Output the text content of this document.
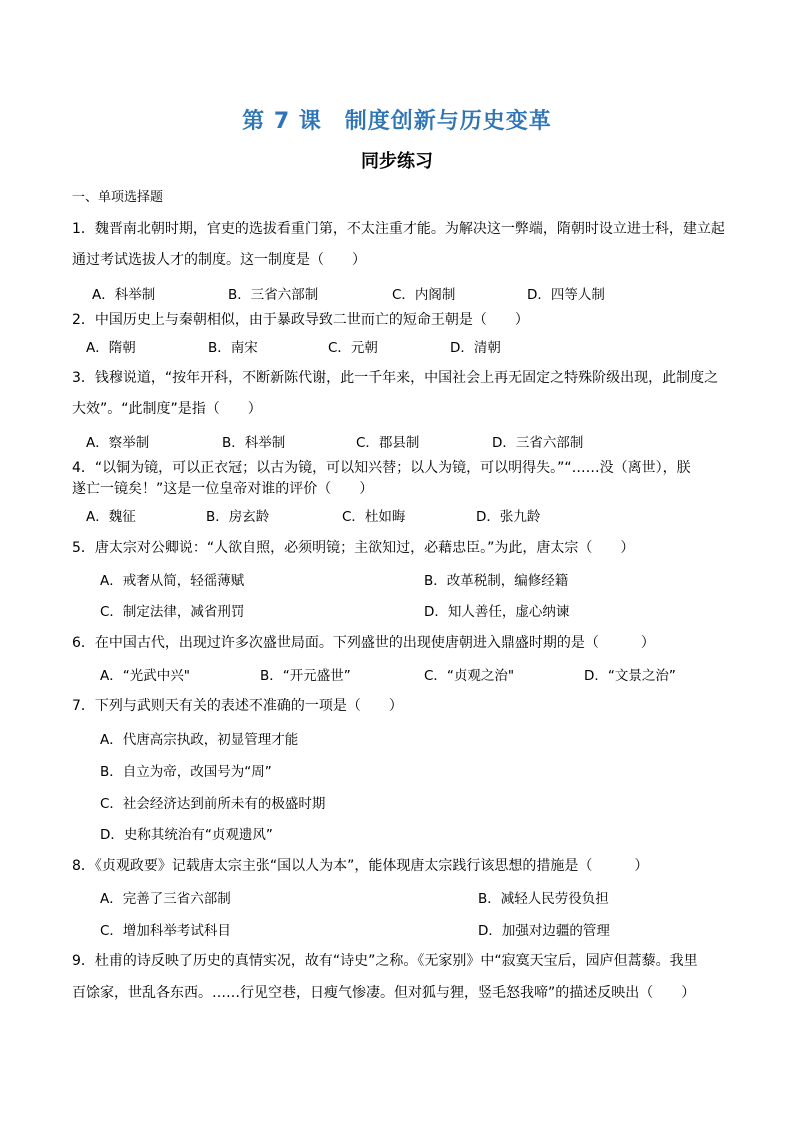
第 7 课　制度创新与历史变革
同步练习
一、单项选择题
1．魏晋南北朝时期，官吏的选拔看重门第，不太注重才能。为解决这一弊端，隋朝时设立进士科，建立起
通过考试选拔人才的制度。这一制度是（　　）
A．科举制	B．三省六部制	C．内阁制	D．四等人制
2．中国历史上与秦朝相似，由于暴政导致二世而亡的短命王朝是（　　）
A．隋朝	B．南宋	C．元朝	D．清朝
3．钱穆说道，“按年开科，不断新陈代谢，此一千年来，中国社会上再无固定之特殊阶级出现，此制度之
大效”。“此制度”是指（　　）
A．察举制	B．科举制	C．郡县制	D．三省六部制
4．“以铜为镜，可以正衣冠；以古为镜，可以知兴替；以人为镜，可以明得失。”“……没（离世），朕
遂亡一镜矣！”这是一位皇帝对谁的评价（　　）
A．魏征	B．房玄龄	C．杜如晦	D．张九龄
5．唐太宗对公卿说：“人欲自照，必须明镜；主欲知过，必藉忠臣。”为此，唐太宗（　　）
A．戒奢从简，轻徭薄赋	B．改革税制，编修经籍
C．制定法律，减省刑罚	D．知人善任，虚心纳谏
6．在中国古代，出现过许多次盛世局面。下列盛世的出现使唐朝进入鼎盛时期的是（　　　）
A．“光武中兴"	B．“开元盛世”	C．“贞观之治"	D．“文景之治”
7．下列与武则天有关的表述不准确的一项是（　　）
A．代唐高宗执政，初显管理才能
B．自立为帝，改国号为“周”
C．社会经济达到前所未有的极盛时期
D．史称其统治有“贞观遗风”
8．《贞观政要》记载唐太宗主张“国以人为本”，能体现唐太宗践行该思想的措施是（　　　）
A．完善了三省六部制	B．减轻人民劳役负担
C．增加科举考试科目	D．加强对边疆的管理
9．杜甫的诗反映了历史的真情实况，故有“诗史”之称。《无家别》中“寂寞天宝后，园庐但蒿藜。我里
百馀家，世乱各东西。……行见空巷，日瘦气惨凄。但对狐与狸，竖毛怒我啼”的描述反映出（　　）
